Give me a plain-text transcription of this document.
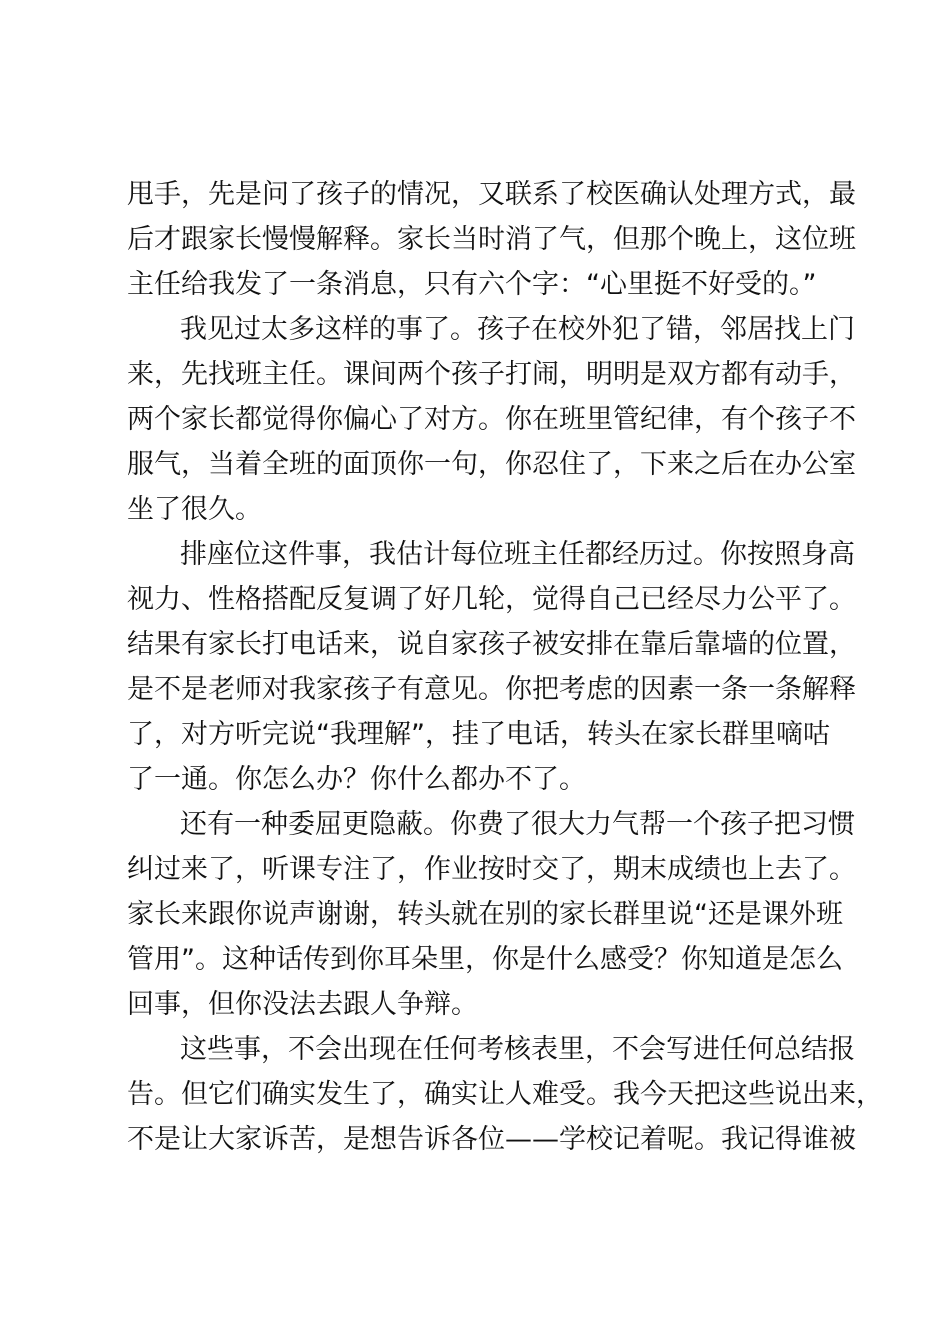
甩手，先是问了孩子的情况，又联系了校医确认处理方式，最
后才跟家长慢慢解释。家长当时消了气，但那个晚上，这位班
主任给我发了一条消息，只有六个字：“心里挺不好受的。”
我见过太多这样的事了。孩子在校外犯了错，邻居找上门
来，先找班主任。课间两个孩子打闹，明明是双方都有动手，
两个家长都觉得你偏心了对方。你在班里管纪律，有个孩子不
服气，当着全班的面顶你一句，你忍住了，下来之后在办公室
坐了很久。
排座位这件事，我估计每位班主任都经历过。你按照身高
视力、性格搭配反复调了好几轮，觉得自己已经尽力公平了。
结果有家长打电话来，说自家孩子被安排在靠后靠墙的位置，
是不是老师对我家孩子有意见。你把考虑的因素一条一条解释
了，对方听完说“我理解”，挂了电话，转头在家长群里嘀咕
了一通。你怎么办？你什么都办不了。
还有一种委屈更隐蔽。你费了很大力气帮一个孩子把习惯
纠过来了，听课专注了，作业按时交了，期末成绩也上去了。
家长来跟你说声谢谢，转头就在别的家长群里说“还是课外班
管用”。这种话传到你耳朵里，你是什么感受？你知道是怎么
回事，但你没法去跟人争辩。
这些事，不会出现在任何考核表里，不会写进任何总结报
告。但它们确实发生了，确实让人难受。我今天把这些说出来，
不是让大家诉苦，是想告诉各位——学校记着呢。我记得谁被
